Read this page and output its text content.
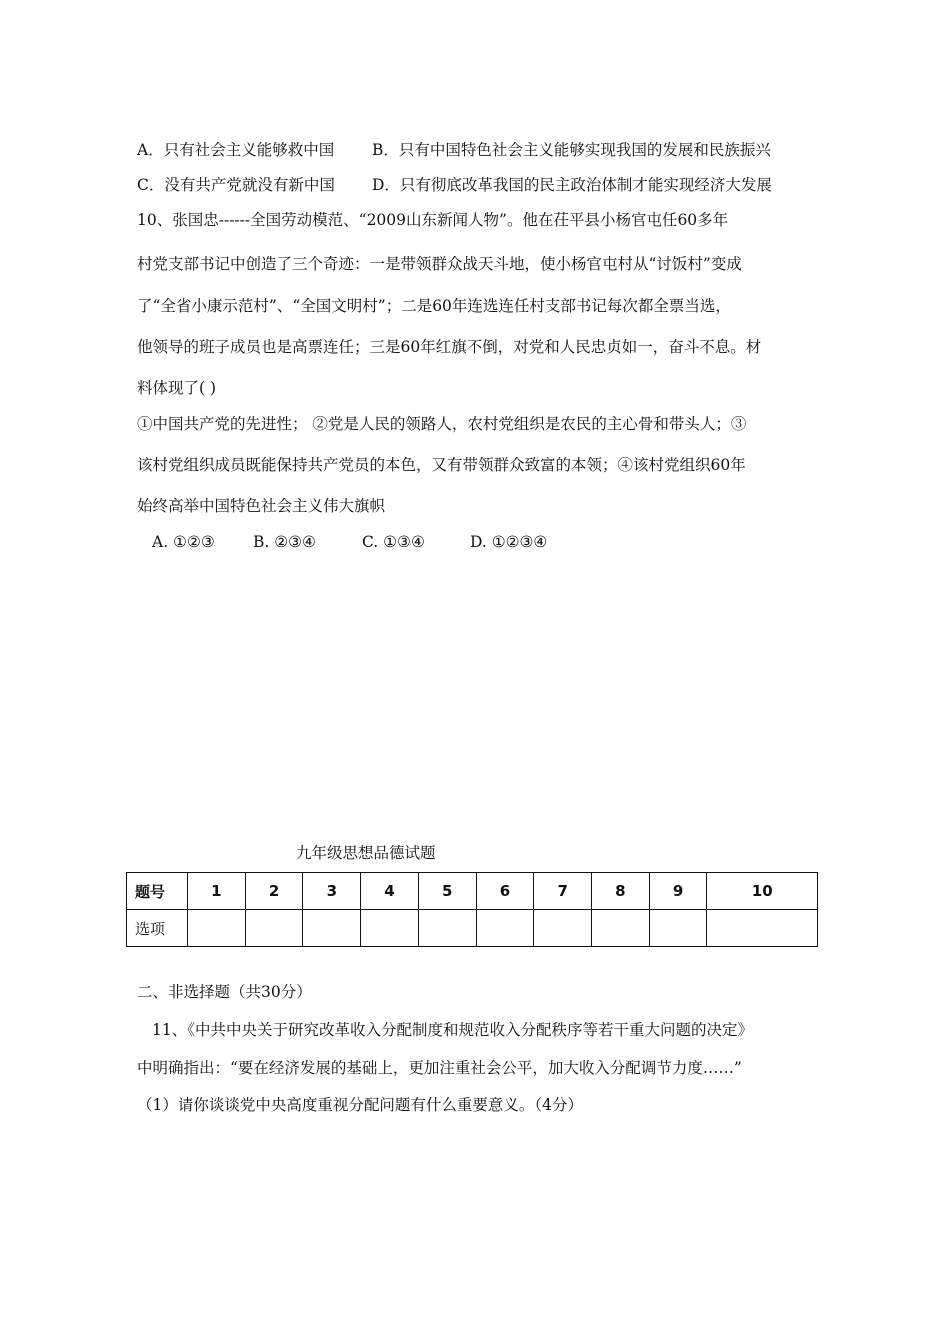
A．只有社会主义能够救中国 B．只有中国特色社会主义能够实现我国的发展和民族振兴
C．没有共产党就没有新中国 D．只有彻底改革我国的民主政治体制才能实现经济大发展
10、张国忠------全国劳动模范、“2009山东新闻人物”。他在茌平县小杨官屯任60多年
村党支部书记中创造了三个奇迹：一是带领群众战天斗地，使小杨官屯村从“讨饭村”变成
了“全省小康示范村”、“全国文明村”；二是60年连选连任村支部书记每次都全票当选，
他领导的班子成员也是高票连任；三是60年红旗不倒，对党和人民忠贞如一，奋斗不息。材
料体现了( )
①中国共产党的先进性； ②党是人民的领路人，农村党组织是农民的主心骨和带头人；③
该村党组织成员既能保持共产党员的本色，又有带领群众致富的本领；④该村党组织60年
始终高举中国特色社会主义伟大旗帜
A. ①②③ B. ②③④	C. ①③④	D. ①②③④
九年级思想品德试题
题号	1	2	3	4	5	6	7	8	9	10
选项										
二、非选择题（共30分）
11、《中共中央关于研究改革收入分配制度和规范收入分配秩序等若干重大问题的决定》
中明确指出：“要在经济发展的基础上，更加注重社会公平，加大收入分配调节力度……”
（1）请你谈谈党中央高度重视分配问题有什么重要意义。（4分）
